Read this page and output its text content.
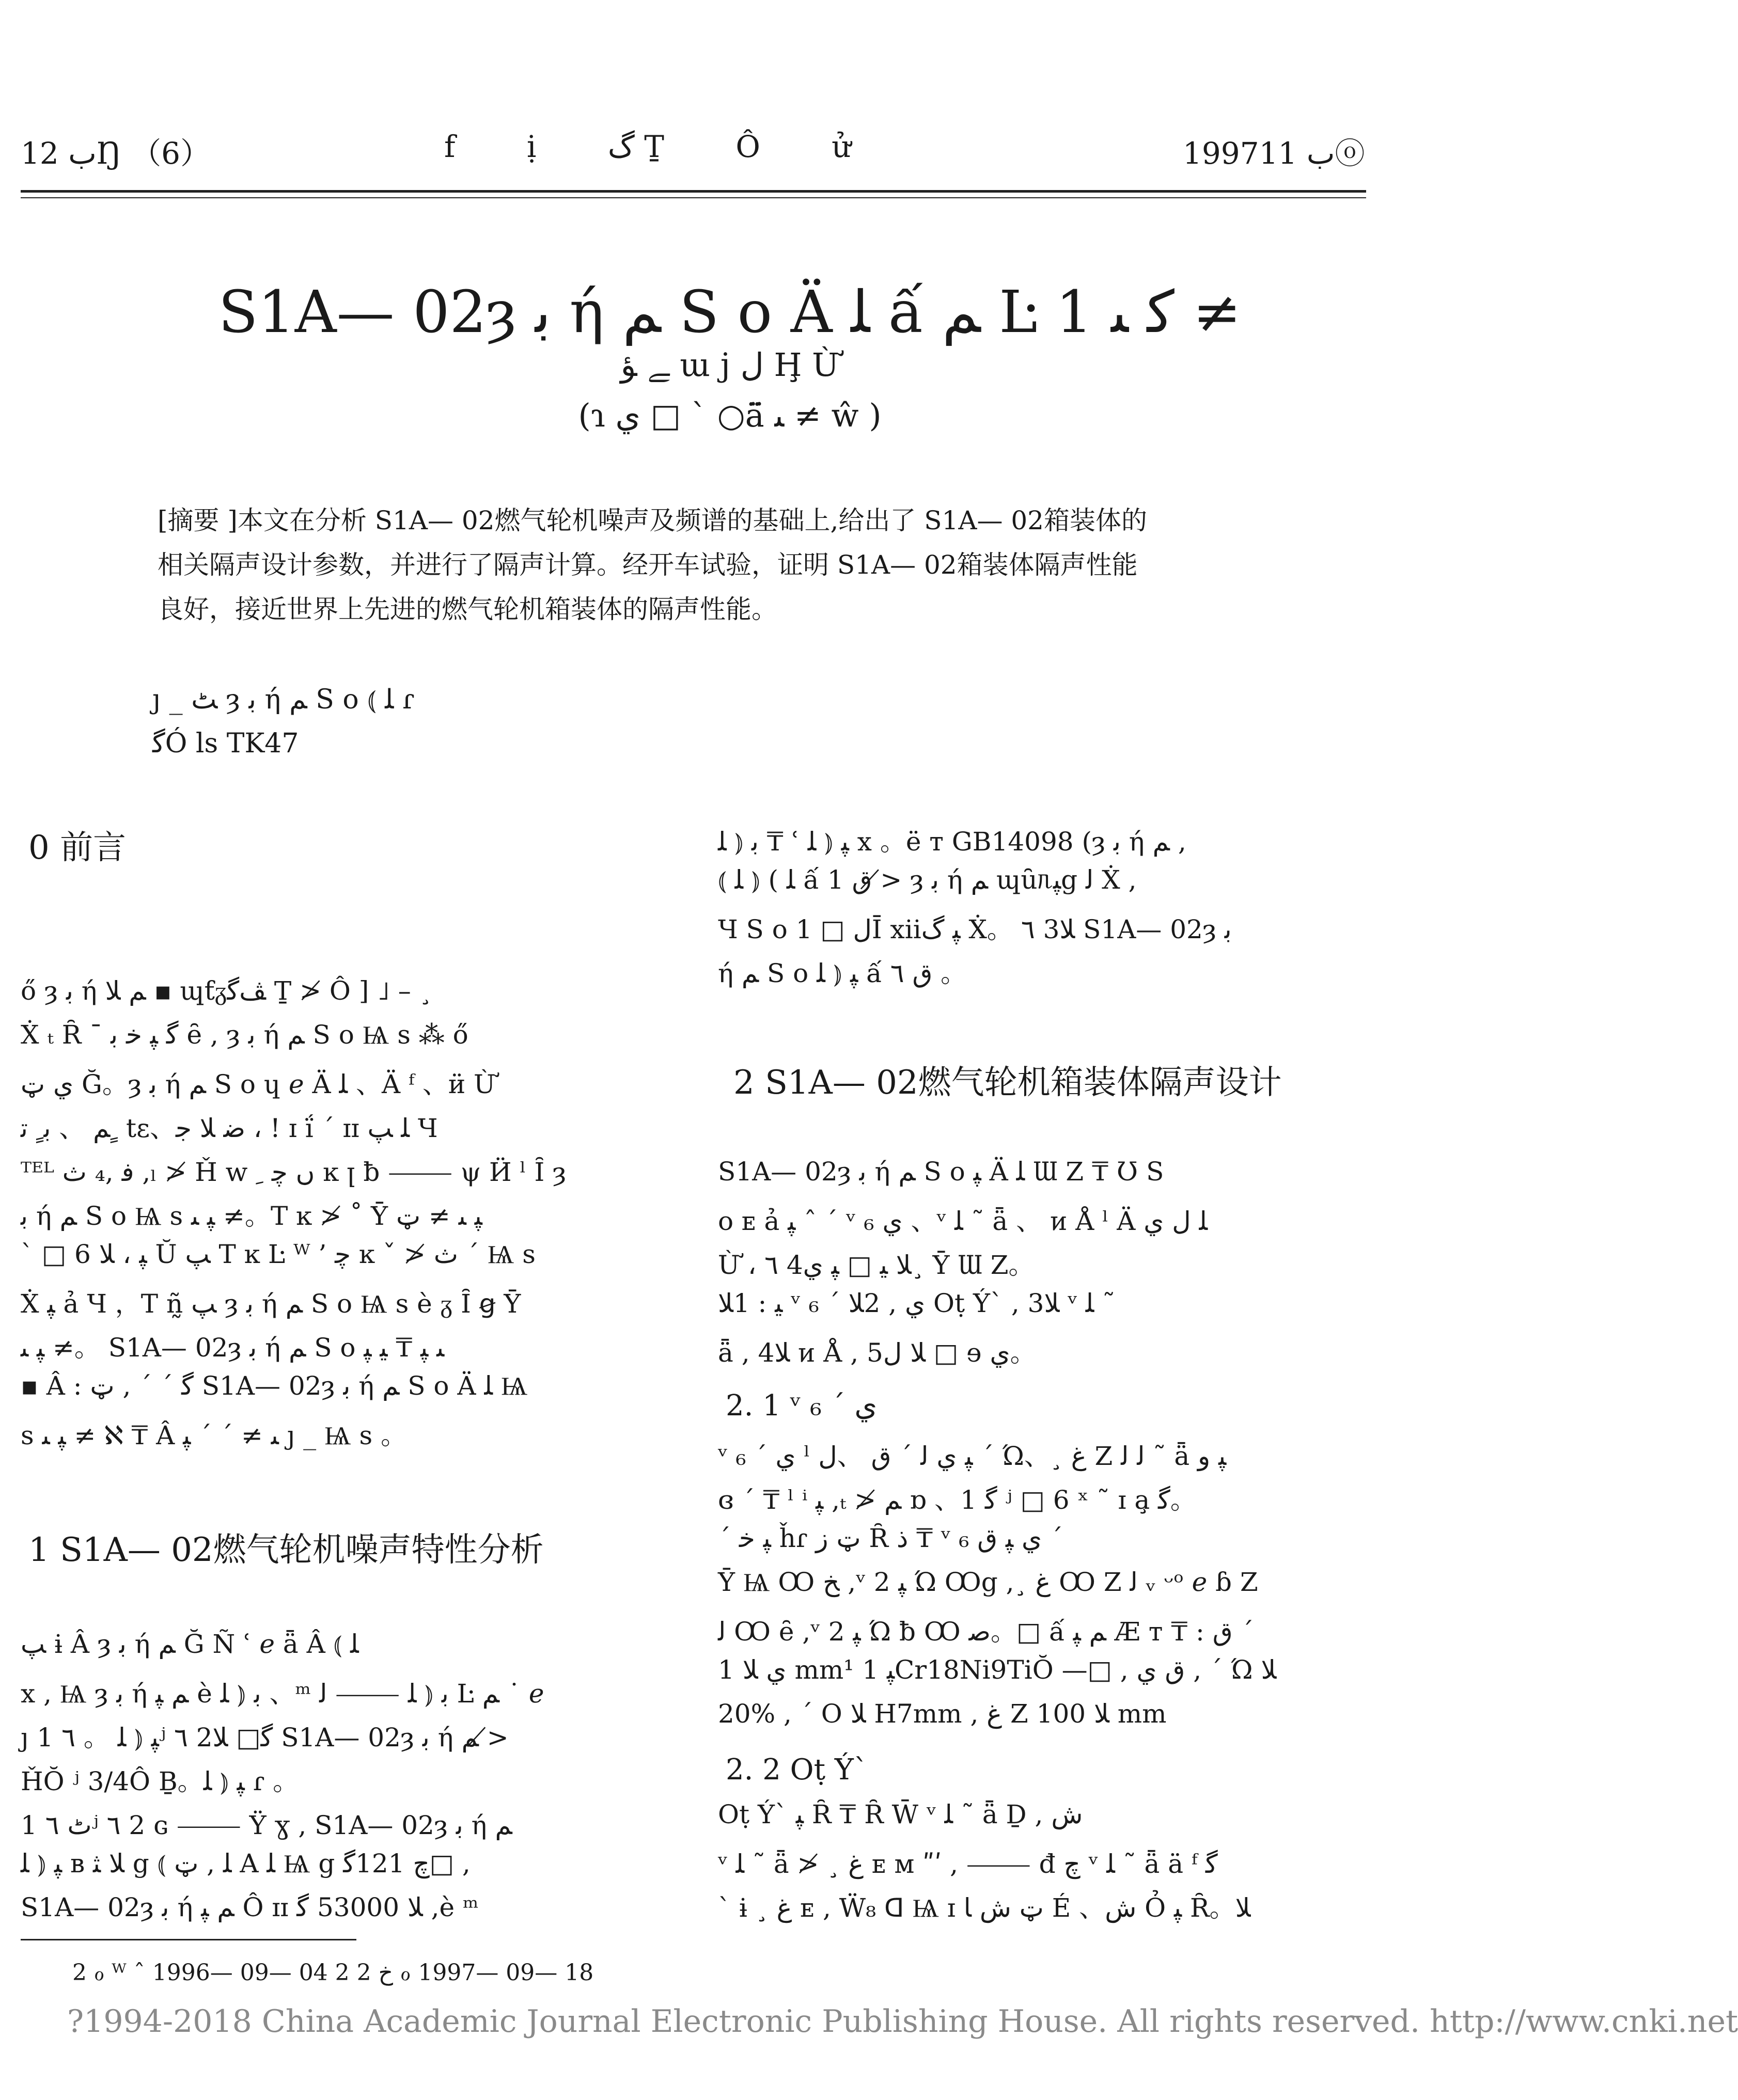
ب 12Ŋ （6）	f ị گ Ṯ Ô ử	1997ب 11ⓞ
S1A— 02ȝ ﺑ ή ﻢ S o Ä ﻠ ấ ﻢ Ŀ 1 ﻛ ﯩ ≠
ﮯ ﺆ ɯ j ﻝ Ḩ Ừ
(ɿ ﻱ □ ˋ ○ä̈ ﯩ ≠ ŵ )

[摘要 ]本文在分析 S1A— 02燃气轮机噪声及频谱的基础上,给出了 S1A— 02箱装体的

相关隔声设计参数，并进行了隔声计算。经开车试验，证明 S1A— 02箱装体隔声性能

良好，接近世界上先进的燃气轮机箱装体的隔声性能。

ȷ _ ﭧ ȝ ﺑ ή ﻢ S o ⦅ ﻠ ɾ
ﮔÓ ls TK47
0 前言
ő ȝ ﺑ ή ﻢ ﻼ ▪ ɰƭᵹﭫﮔ Ṯ ≯ Ô ] ˩ – ¸
Ẋ ₜ Ȓ ˉ ﮔ ﭙ ﺧ ﺑ ȇ , ȝ ﺑ ή ﻢ S o Ѩ s ⁂ ő
ي ټ Ğ。ȝ ﺑ ή ﻢ S o ɥ ℯ Ä ﻠ 、Ä ᶠ 、ӥ Ừ
ﻢ 、 ﺑ ٍ ﺗ ٍ tɛ、ﺿ ﻼ ﺟ ، ! ɪ ḯ ˊ ɪɪ ﻠ ﭗ Ч
ᵀᴱᴸ ﻓ ,₄ ﺙ ,ₗ ≯ Ȟ w ں ﭼ ﹺ ĸ ꞁ ƀ ⸻ ψ Ӥ ˡ Ȋ ȝ
ﺑ ή ﻢ S o Ѩ s ﭙ ﯩ ≠。T ĸ ≯ ˚ Ῡ ﭙ ﯩ ≠ ټ
` □ 6 ﭙ ، ﻼ Ŭ ﭗ T ĸ Ŀ ᵂ ’ ﭼ ĸ ˇ ≯ ﺙ ˊ Ѩ s
Ẋ ﭙ ả Ч ，T ñ̰ ﭗ ȝ ﺑ ή ﻢ S o Ѩ s è ᵹ Ȋ ꞡ Ῡ
ﭙ ﯩ ≠。 S1A— 02ȝ ﺑ ή ﻢ S o ﯩ ﭙ ₸ ﻴ ﭙ
▪ Â : ﮔ ˊ ˊ , ټ S1A— 02ȝ ﺑ ή ﻢ S o Ä ﻠ Ѩ
s ﭙ ﯩ ≠ ℵ ₸ Â ﯩ ≠ ˊ ˊ ﭙ ȷ _ Ѩ s 。
1 S1A— 02燃气轮机噪声特性分析
ﭗ ɨ Â ȝ ﺑ ή ﻢ Ğ Ñ ʿ ℯ ǟ Â ⦅ ﻠ
x , Ѩ ȝ ﺑ ή ﻢ ﭙ è ﺑ ⦅ ﻠ 、ᵐ ﺑ ⦅ ﻠ ⸻ ﻟ Ŀ ﻢ ˙ ℯ
ȷ ﭙ ⦅ ﻠ 。 ٦ 1ʲ ٦ 2ﮔ□ ﻼ S1A— 02ȝ ﺑ ή ﻢ ≯
ȞŎ ʲ 3/4Ô Ḇ。ﭙ ⦅ ﻠ ɾ 。
ﭦ ٦ 1ʲ ٦ 2 ɢ ⸻ Ÿ ɣ , S1A— 02ȝ ﺑ ή ﻢ
ﭙ ⦅ ﻠ ʙ ﻼ ﺜ g ⦅ ﻠ , ټ A ﻠ Ѩ g ﭺ 121ﮔ□ ,
S1A— 02ȝ ﺑ ή ﻢ ﭙ Ô ɪɪ ﻼ 53000 ﮔ ,è ᵐ
ﺑ ⦅ ﻠ ₸ ʿ ﭙ ⦅ ﻠ x 。ë ᴛ GB14098 (ȝ ﺑ ή ﻢ ,
⦅ ﻠ ) ⦅ ﻠ ấ 1 ﻕ ≯ ȝ ﺑ ή ﻢ ɰȗᥰﭙg ﻟ Ẋ ,
Ч S o ﻝ □ 1Ī xiiﭙ ﮒ Ẋ。 ٦ 3ﻼ S1A— 02ȝ ﺑ
ή ﻢ S o ﭙ ⦅ ﻠ ấ ﻕ ٦ 。
2 S1A— 02燃气轮机箱装体隔声设计
S1A— 02ȝ ﺑ ή ﻢ S o ﭙ Ä ﻠ Ɯ Z ₸ Ʊ S
o ᴇ ả ﭙ ˆ ˊ ᵛ ₆ ﻱ 、ᵛ ﻠ ˜ ǟ 、 ᴎ Å ˡ Ä ﻠ ﻝ ﻱ
Ừ ، ٦ 4ﻼ ﻴ □ ﭙ ﻱ¸ Ῡ Ɯ Z。
ﻴ : 1ﻼ ᵛ ₆ ˊ ﻱ , 2ﻼ Oṭ Ý` , 3ﻼ ᵛ ﻠ ˜
ǟ , 4ﻼ ᴎ Å , 5ﻼ ﻝ □ ɘ ﻱ。
2. 1 ᵛ ₆ ˊ ﻱ
ᵛ ₆ ˊ ﻱ ˡ ﭙ ﻱ ﻟ ˊ ﻕ 、ﻝ ˊ Ώ、¸ ﻍ Z ﻟ ﻟ ˜ ǟ ﭙ ﻭ
ɞ ˊ ₸ ˡ ⁱ ﭙ ,ₜ ≯ ﻢ ɒ 、1 ﮔ ʲ □ 6 ˣ ˜ ɪ a̧ ﮔ。
ˊ ﭙ ﺧ ȟɾ ټ ﺯ Ȓ ﺫ ₸ ᵛ ₆ ﻱ ﭙ ﻕ ˊ
Ῡ Ѩ Ꚙ ﺦ ,ᵛ 2 ﭙ Ώ Ꚙg ,¸ ﻍ Ꚙ Z ﻟ ᵥ ᵕᵒ ℯ ɓ Z
ﻟ Ꚙ ȇ ,ᵛ 2 ﭙ Ώ ƀ Ꚙ ﺻ。□ ấ ﻢ ﭙ Æ ᴛ ₸ : ﻕ ˊ
ﻱ ﻼ 1 mm¹ ﭙ 1Cr18Ni9TiŎ —□ , ﻕ ﻱ , ˊ Ώ ﻼ
20% , ˊ O ﻼ H7mm , ﻍ Z ﻼ 100 mm
2. 2 Oṭ Ý`
Oṭ Ý` ﭙ Ȓ ₸ Ȓ W̄ ᵛ ﻠ ˜ ǟ Ḏ , ﺵ
ᵛ ﻠ ˜ ǟ ≯ ¸ ﻍ ᴇ ᴍ ʺʹ , ⸻ đ ﭺ ᵛ ﻠ ˜ ǟ ä ᶠ ﮔ
` ɨ ¸ ﻍ ᴇ , Ẅ₈ ᗡ Ѩ ɪ ټ ﺵ ﺎ É 、ﺵ Ỏ ﭙ Ȓ。ﻼ
2 ℴ ᵂ ˆ 1996— 09— 04 2 ﺥ 2 ℴ 1997— 09— 18
?1994-2018 China Academic Journal Electronic Publishing House. All rights reserved. http://www.cnki.net
